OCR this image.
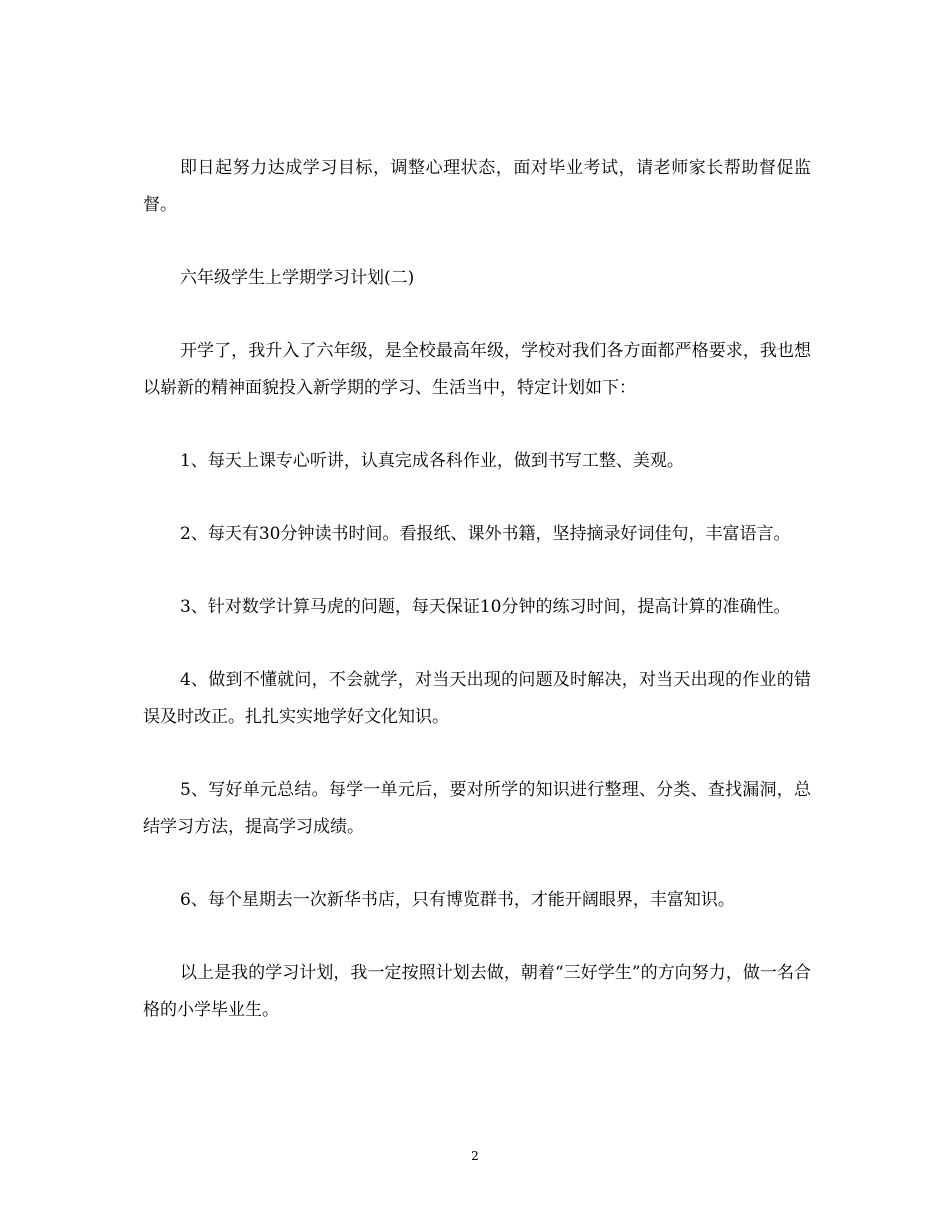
即日起努力达成学习目标，调整心理状态，面对毕业考试，请老师家长帮助督促监督。

六年级学生上学期学习计划(二)

开学了，我升入了六年级，是全校最高年级，学校对我们各方面都严格要求，我也想以崭新的精神面貌投入新学期的学习、生活当中，特定计划如下：

1、每天上课专心听讲，认真完成各科作业，做到书写工整、美观。

2、每天有30分钟读书时间。看报纸、课外书籍，坚持摘录好词佳句，丰富语言。

3、针对数学计算马虎的问题，每天保证10分钟的练习时间，提高计算的准确性。

4、做到不懂就问，不会就学，对当天出现的问题及时解决，对当天出现的作业的错误及时改正。扎扎实实地学好文化知识。

5、写好单元总结。每学一单元后，要对所学的知识进行整理、分类、查找漏洞，总结学习方法，提高学习成绩。

6、每个星期去一次新华书店，只有博览群书，才能开阔眼界，丰富知识。

以上是我的学习计划，我一定按照计划去做，朝着“三好学生”的方向努力，做一名合格的小学毕业生。

2
